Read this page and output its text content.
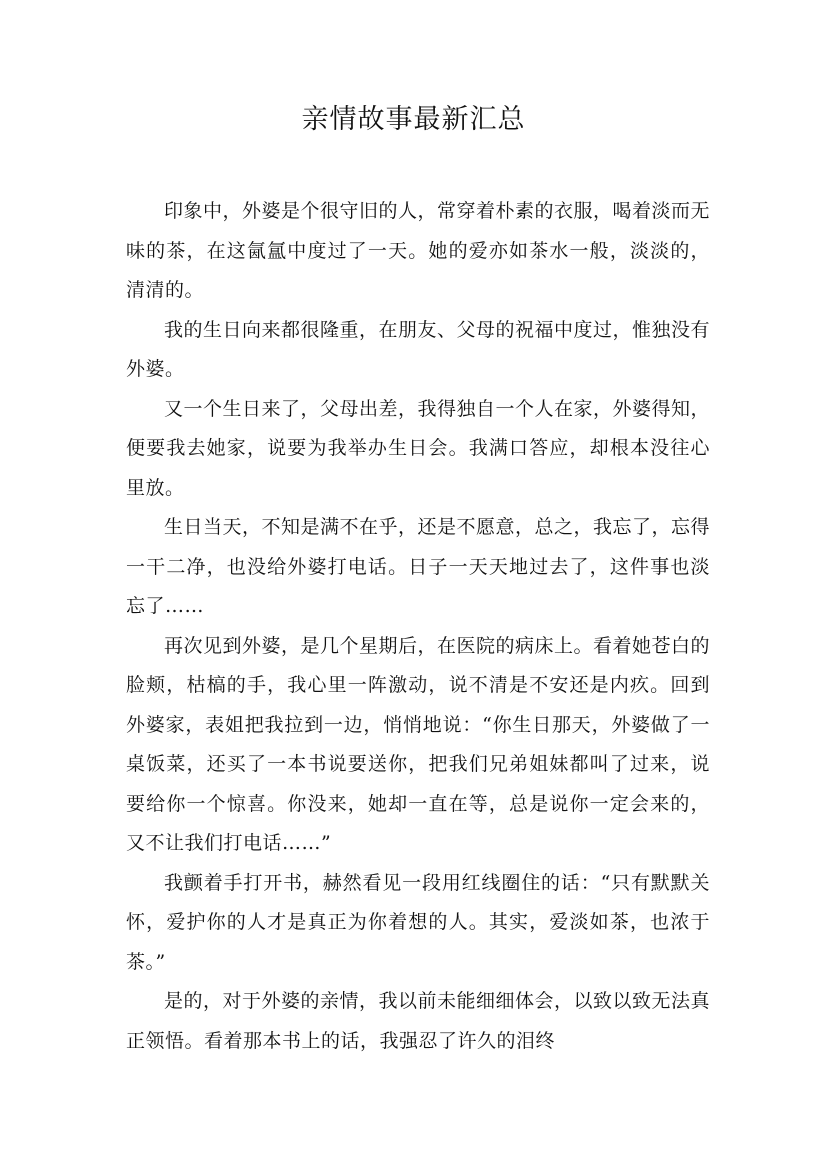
亲情故事最新汇总

印象中，外婆是个很守旧的人，常穿着朴素的衣服，喝着淡而无味的茶，在这氤氲中度过了一天。她的爱亦如茶水一般，淡淡的，清清的。

我的生日向来都很隆重，在朋友、父母的祝福中度过，惟独没有外婆。

又一个生日来了，父母出差，我得独自一个人在家，外婆得知，便要我去她家，说要为我举办生日会。我满口答应，却根本没往心里放。

生日当天，不知是满不在乎，还是不愿意，总之，我忘了，忘得一干二净，也没给外婆打电话。日子一天天地过去了，这件事也淡忘了……

再次见到外婆，是几个星期后，在医院的病床上。看着她苍白的脸颊，枯槁的手，我心里一阵激动，说不清是不安还是内疚。回到外婆家，表姐把我拉到一边，悄悄地说：“你生日那天，外婆做了一桌饭菜，还买了一本书说要送你，把我们兄弟姐妹都叫了过来，说要给你一个惊喜。你没来，她却一直在等，总是说你一定会来的，又不让我们打电话……”

我颤着手打开书，赫然看见一段用红线圈住的话：“只有默默关怀，爱护你的人才是真正为你着想的人。其实，爱淡如茶，也浓于茶。”

是的，对于外婆的亲情，我以前未能细细体会，以致以致无法真正领悟。看着那本书上的话，我强忍了许久的泪终
